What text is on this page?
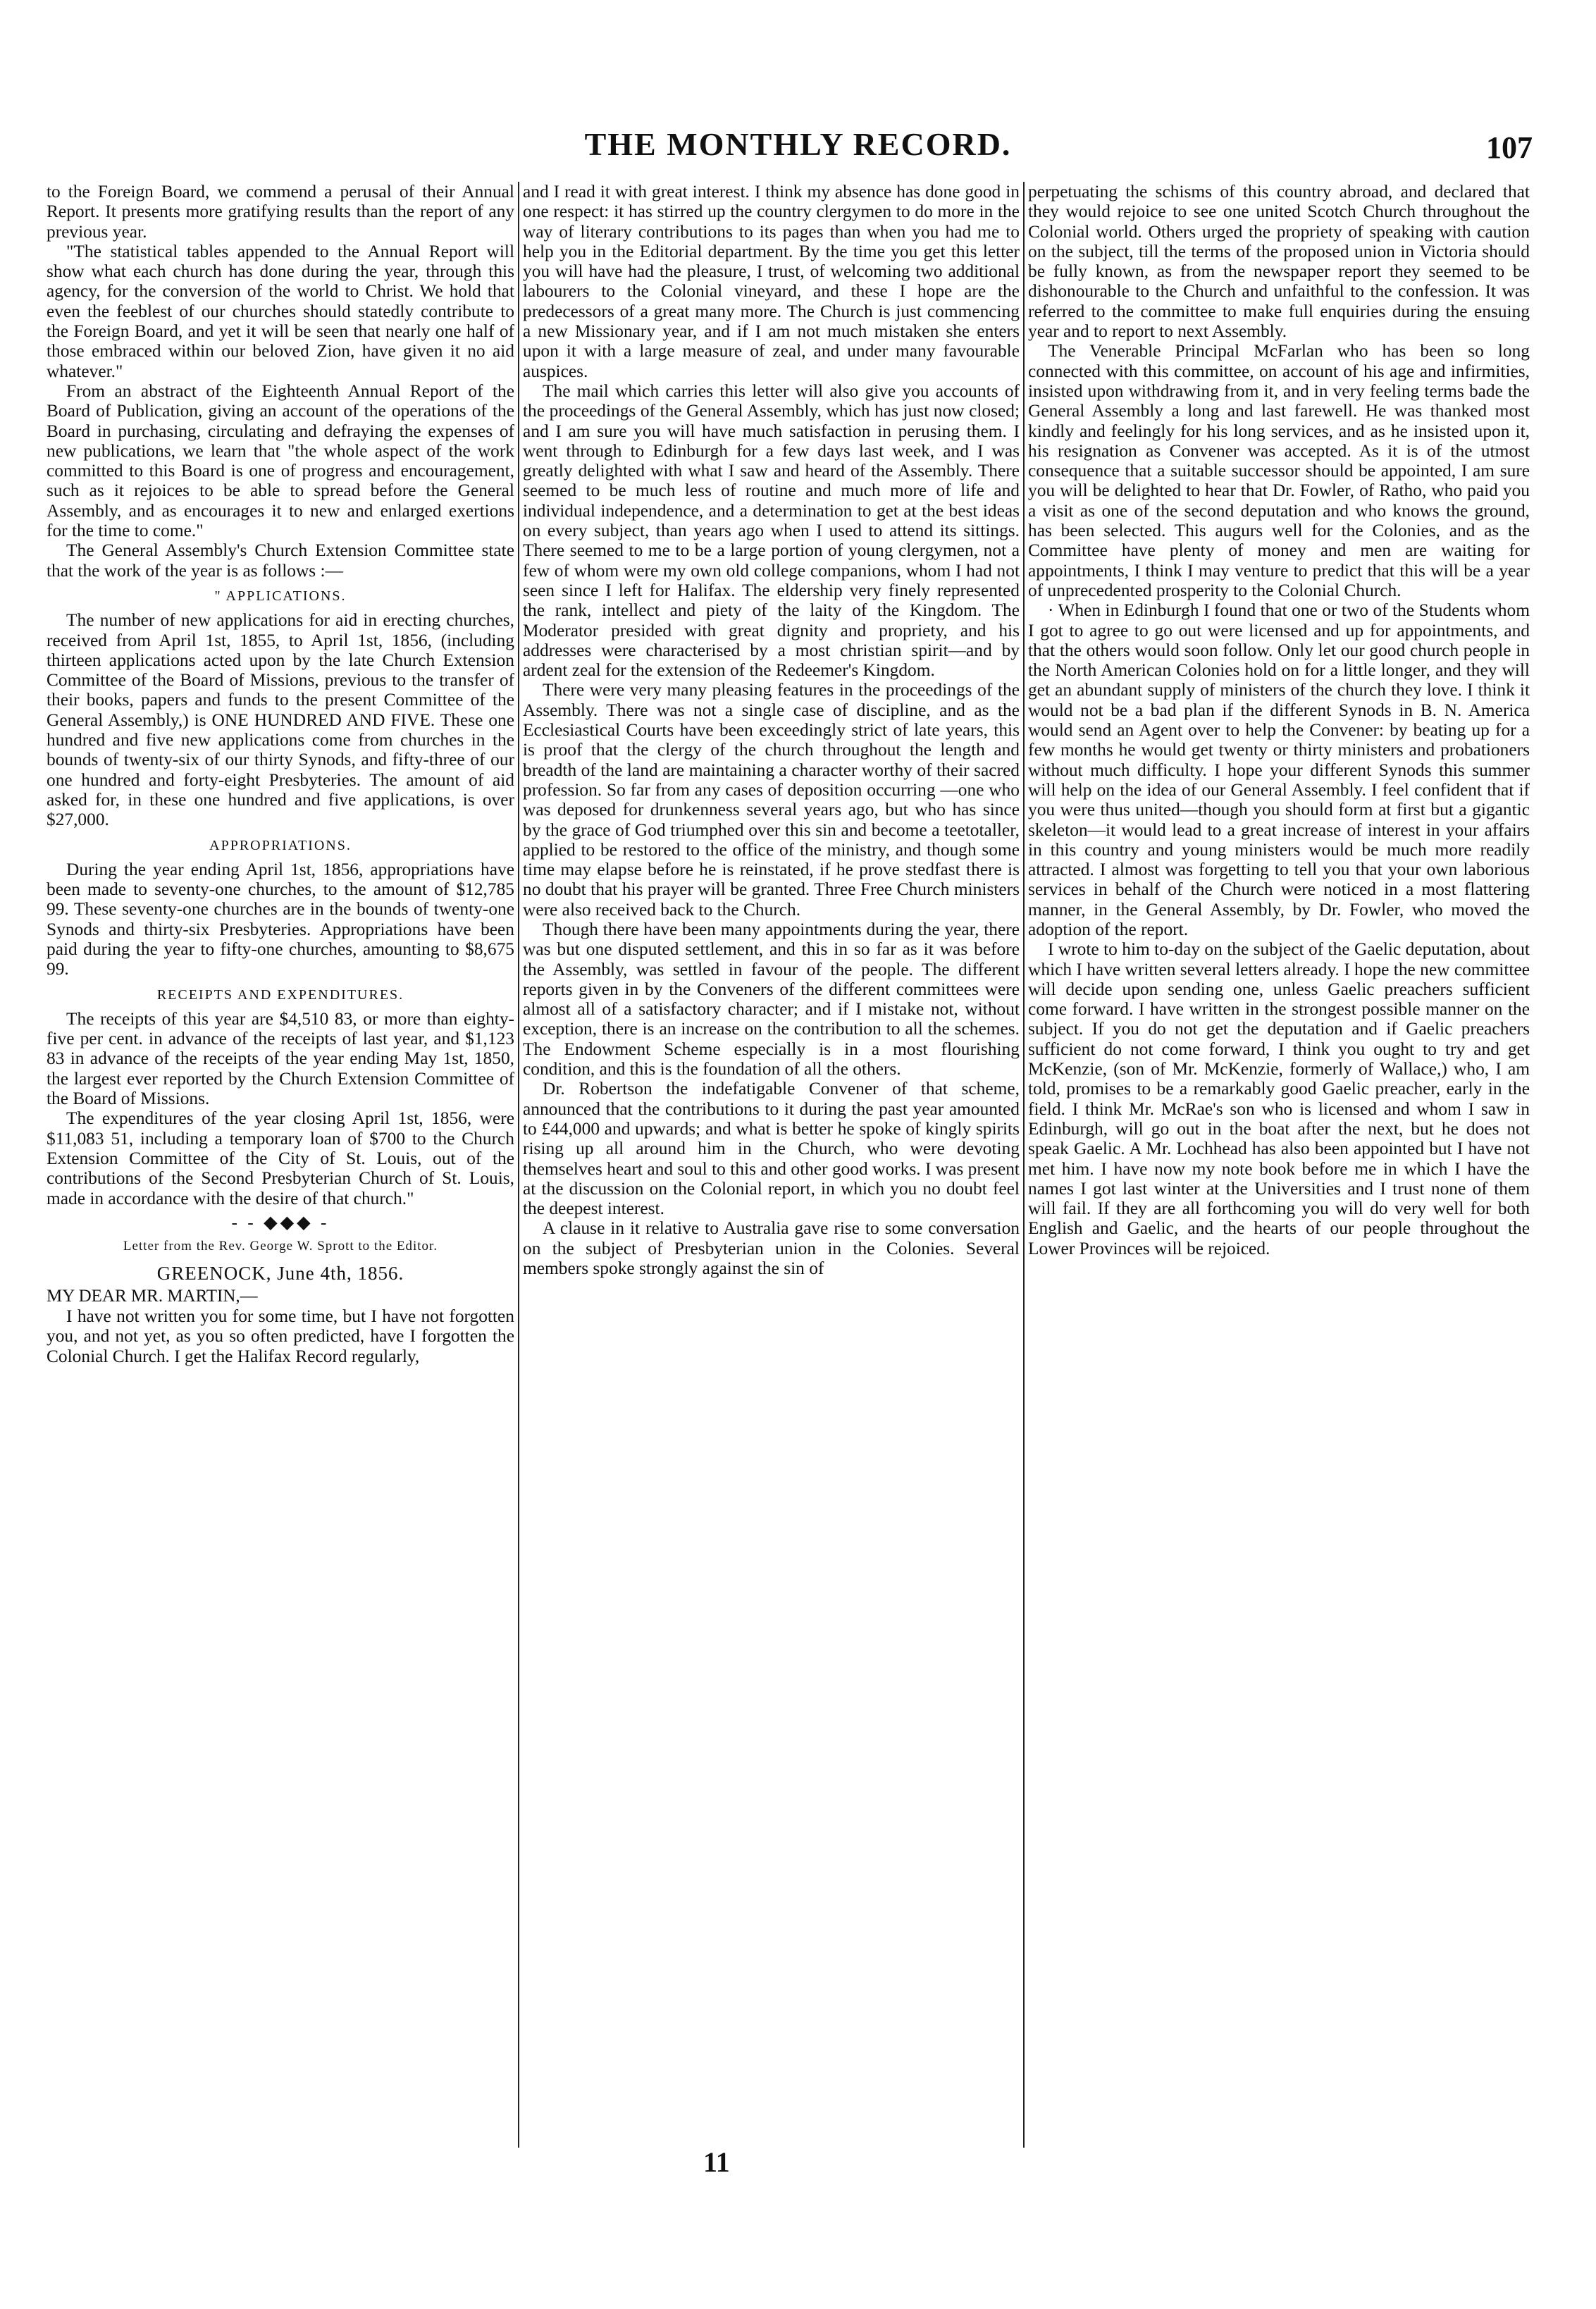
THE MONTHLY RECORD.	107

to the Foreign Board, we commend a perusal of their Annual Report. It presents more gratifying results than the report of any previous year.

"The statistical tables appended to the Annual Report will show what each church has done during the year, through this agency, for the conversion of the world to Christ. We hold that even the feeblest of our churches should statedly contribute to the Foreign Board, and yet it will be seen that nearly one half of those embraced within our beloved Zion, have given it no aid whatever."

From an abstract of the Eighteenth Annual Report of the Board of Publication, giving an account of the operations of the Board in purchasing, circulating and defraying the expenses of new publications, we learn that "the whole aspect of the work committed to this Board is one of progress and encouragement, such as it rejoices to be able to spread before the General Assembly, and as encourages it to new and enlarged exertions for the time to come."

The General Assembly's Church Extension Committee state that the work of the year is as follows :—

" APPLICATIONS.

The number of new applications for aid in erecting churches, received from April 1st, 1855, to April 1st, 1856, (including thirteen applications acted upon by the late Church Extension Committee of the Board of Missions, previous to the transfer of their books, papers and funds to the present Committee of the General Assembly,) is ONE HUNDRED AND FIVE. These one hundred and five new applications come from churches in the bounds of twenty-six of our thirty Synods, and fifty-three of our one hundred and forty-eight Presbyteries. The amount of aid asked for, in these one hundred and five applications, is over $27,000.

APPROPRIATIONS.

During the year ending April 1st, 1856, appropriations have been made to seventy-one churches, to the amount of $12,785 99. These seventy-one churches are in the bounds of twenty-one Synods and thirty-six Presbyteries. Appropriations have been paid during the year to fifty-one churches, amounting to $8,675 99.

RECEIPTS AND EXPENDITURES.

The receipts of this year are $4,510 83, or more than eighty-five per cent. in advance of the receipts of last year, and $1,123 83 in advance of the receipts of the year ending May 1st, 1850, the largest ever reported by the Church Extension Committee of the Board of Missions.

The expenditures of the year closing April 1st, 1856, were $11,083 51, including a temporary loan of $700 to the Church Extension Committee of the City of St. Louis, out of the contributions of the Second Presbyterian Church of St. Louis, made in accordance with the desire of that church."

- - ◆◆◆ -
Letter from the Rev. George W. Sprott to the Editor.
GREENOCK, June 4th, 1856.

MY DEAR MR. MARTIN,—

I have not written you for some time, but I have not forgotten you, and not yet, as you so often predicted, have I forgotten the Colonial Church. I get the Halifax Record regularly,

and I read it with great interest. I think my absence has done good in one respect: it has stirred up the country clergymen to do more in the way of literary contributions to its pages than when you had me to help you in the Editorial department. By the time you get this letter you will have had the pleasure, I trust, of welcoming two additional labourers to the Colonial vineyard, and these I hope are the predecessors of a great many more. The Church is just commencing a new Missionary year, and if I am not much mistaken she enters upon it with a large measure of zeal, and under many favourable auspices.

The mail which carries this letter will also give you accounts of the proceedings of the General Assembly, which has just now closed; and I am sure you will have much satisfaction in perusing them. I went through to Edinburgh for a few days last week, and I was greatly delighted with what I saw and heard of the Assembly. There seemed to be much less of routine and much more of life and individual independence, and a determination to get at the best ideas on every subject, than years ago when I used to attend its sittings. There seemed to me to be a large portion of young clergymen, not a few of whom were my own old college companions, whom I had not seen since I left for Halifax. The eldership very finely represented the rank, intellect and piety of the laity of the Kingdom. The Moderator presided with great dignity and propriety, and his addresses were characterised by a most christian spirit—and by ardent zeal for the extension of the Redeemer's Kingdom.

There were very many pleasing features in the proceedings of the Assembly. There was not a single case of discipline, and as the Ecclesiastical Courts have been exceedingly strict of late years, this is proof that the clergy of the church throughout the length and breadth of the land are maintaining a character worthy of their sacred profession. So far from any cases of deposition occurring —one who was deposed for drunkenness several years ago, but who has since by the grace of God triumphed over this sin and become a teetotaller, applied to be restored to the office of the ministry, and though some time may elapse before he is reinstated, if he prove stedfast there is no doubt that his prayer will be granted. Three Free Church ministers were also received back to the Church.

Though there have been many appointments during the year, there was but one disputed settlement, and this in so far as it was before the Assembly, was settled in favour of the people. The different reports given in by the Conveners of the different committees were almost all of a satisfactory character; and if I mistake not, without exception, there is an increase on the contribution to all the schemes. The Endowment Scheme especially is in a most flourishing condition, and this is the foundation of all the others.

Dr. Robertson the indefatigable Convener of that scheme, announced that the contributions to it during the past year amounted to £44,000 and upwards; and what is better he spoke of kingly spirits rising up all around him in the Church, who were devoting themselves heart and soul to this and other good works. I was present at the discussion on the Colonial report, in which you no doubt feel the deepest interest.

A clause in it relative to Australia gave rise to some conversation on the subject of Presbyterian union in the Colonies. Several members spoke strongly against the sin of

perpetuating the schisms of this country abroad, and declared that they would rejoice to see one united Scotch Church throughout the Colonial world. Others urged the propriety of speaking with caution on the subject, till the terms of the proposed union in Victoria should be fully known, as from the newspaper report they seemed to be dishonourable to the Church and unfaithful to the confession. It was referred to the committee to make full enquiries during the ensuing year and to report to next Assembly.

The Venerable Principal McFarlan who has been so long connected with this committee, on account of his age and infirmities, insisted upon withdrawing from it, and in very feeling terms bade the General Assembly a long and last farewell. He was thanked most kindly and feelingly for his long services, and as he insisted upon it, his resignation as Convener was accepted. As it is of the utmost consequence that a suitable successor should be appointed, I am sure you will be delighted to hear that Dr. Fowler, of Ratho, who paid you a visit as one of the second deputation and who knows the ground, has been selected. This augurs well for the Colonies, and as the Committee have plenty of money and men are waiting for appointments, I think I may venture to predict that this will be a year of unprecedented prosperity to the Colonial Church.

· When in Edinburgh I found that one or two of the Students whom I got to agree to go out were licensed and up for appointments, and that the others would soon follow. Only let our good church people in the North American Colonies hold on for a little longer, and they will get an abundant supply of ministers of the church they love. I think it would not be a bad plan if the different Synods in B. N. America would send an Agent over to help the Convener: by beating up for a few months he would get twenty or thirty ministers and probationers without much difficulty. I hope your different Synods this summer will help on the idea of our General Assembly. I feel confident that if you were thus united—though you should form at first but a gigantic skeleton—it would lead to a great increase of interest in your affairs in this country and young ministers would be much more readily attracted. I almost was forgetting to tell you that your own laborious services in behalf of the Church were noticed in a most flattering manner, in the General Assembly, by Dr. Fowler, who moved the adoption of the report.

I wrote to him to-day on the subject of the Gaelic deputation, about which I have written several letters already. I hope the new committee will decide upon sending one, unless Gaelic preachers sufficient come forward. I have written in the strongest possible manner on the subject. If you do not get the deputation and if Gaelic preachers sufficient do not come forward, I think you ought to try and get McKenzie, (son of Mr. McKenzie, formerly of Wallace,) who, I am told, promises to be a remarkably good Gaelic preacher, early in the field. I think Mr. McRae's son who is licensed and whom I saw in Edinburgh, will go out in the boat after the next, but he does not speak Gaelic. A Mr. Lochhead has also been appointed but I have not met him. I have now my note book before me in which I have the names I got last winter at the Universities and I trust none of them will fail. If they are all forthcoming you will do very well for both English and Gaelic, and the hearts of our people throughout the Lower Provinces will be rejoiced.

11
